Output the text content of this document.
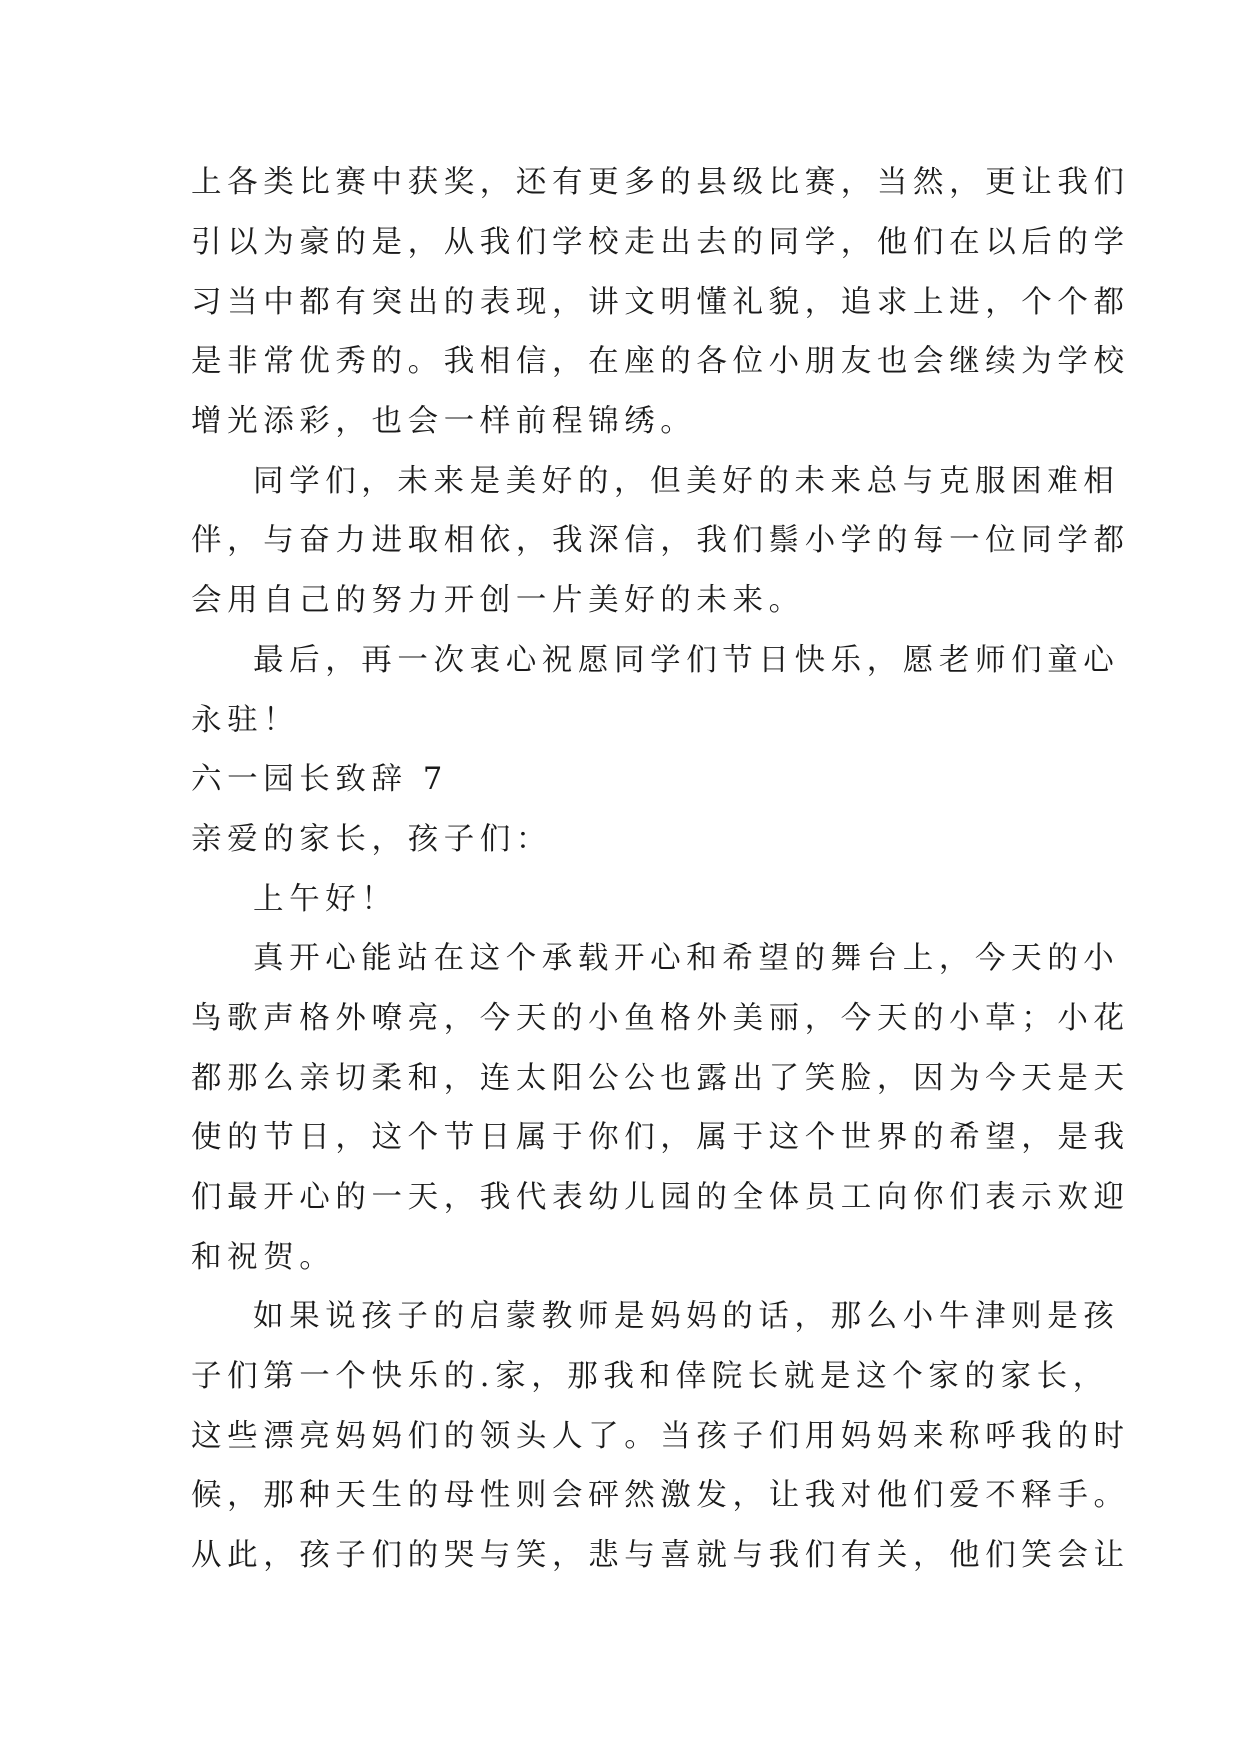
上各类比赛中获奖，还有更多的县级比赛，当然，更让我们
引以为豪的是，从我们学校走出去的同学，他们在以后的学
习当中都有突出的表现，讲文明懂礼貌，追求上进，个个都
是非常优秀的。我相信，在座的各位小朋友也会继续为学校
增光添彩，也会一样前程锦绣。
同学们，未来是美好的，但美好的未来总与克服困难相
伴，与奋力进取相依，我深信，我们鬃小学的每一位同学都
会用自己的努力开创一片美好的未来。
最后，再一次衷心祝愿同学们节日快乐，愿老师们童心
永驻！
六一园长致辞 7
亲爱的家长，孩子们：
上午好！
真开心能站在这个承载开心和希望的舞台上，今天的小
鸟歌声格外嘹亮，今天的小鱼格外美丽，今天的小草；小花
都那么亲切柔和，连太阳公公也露出了笑脸，因为今天是天
使的节日，这个节日属于你们，属于这个世界的希望，是我
们最开心的一天，我代表幼儿园的全体员工向你们表示欢迎
和祝贺。
如果说孩子的启蒙教师是妈妈的话，那么小牛津则是孩
子们第一个快乐的.家，那我和倖院长就是这个家的家长，
这些漂亮妈妈们的领头人了。当孩子们用妈妈来称呼我的时
候，那种天生的母性则会砰然激发，让我对他们爱不释手。
从此，孩子们的哭与笑，悲与喜就与我们有关，他们笑会让
